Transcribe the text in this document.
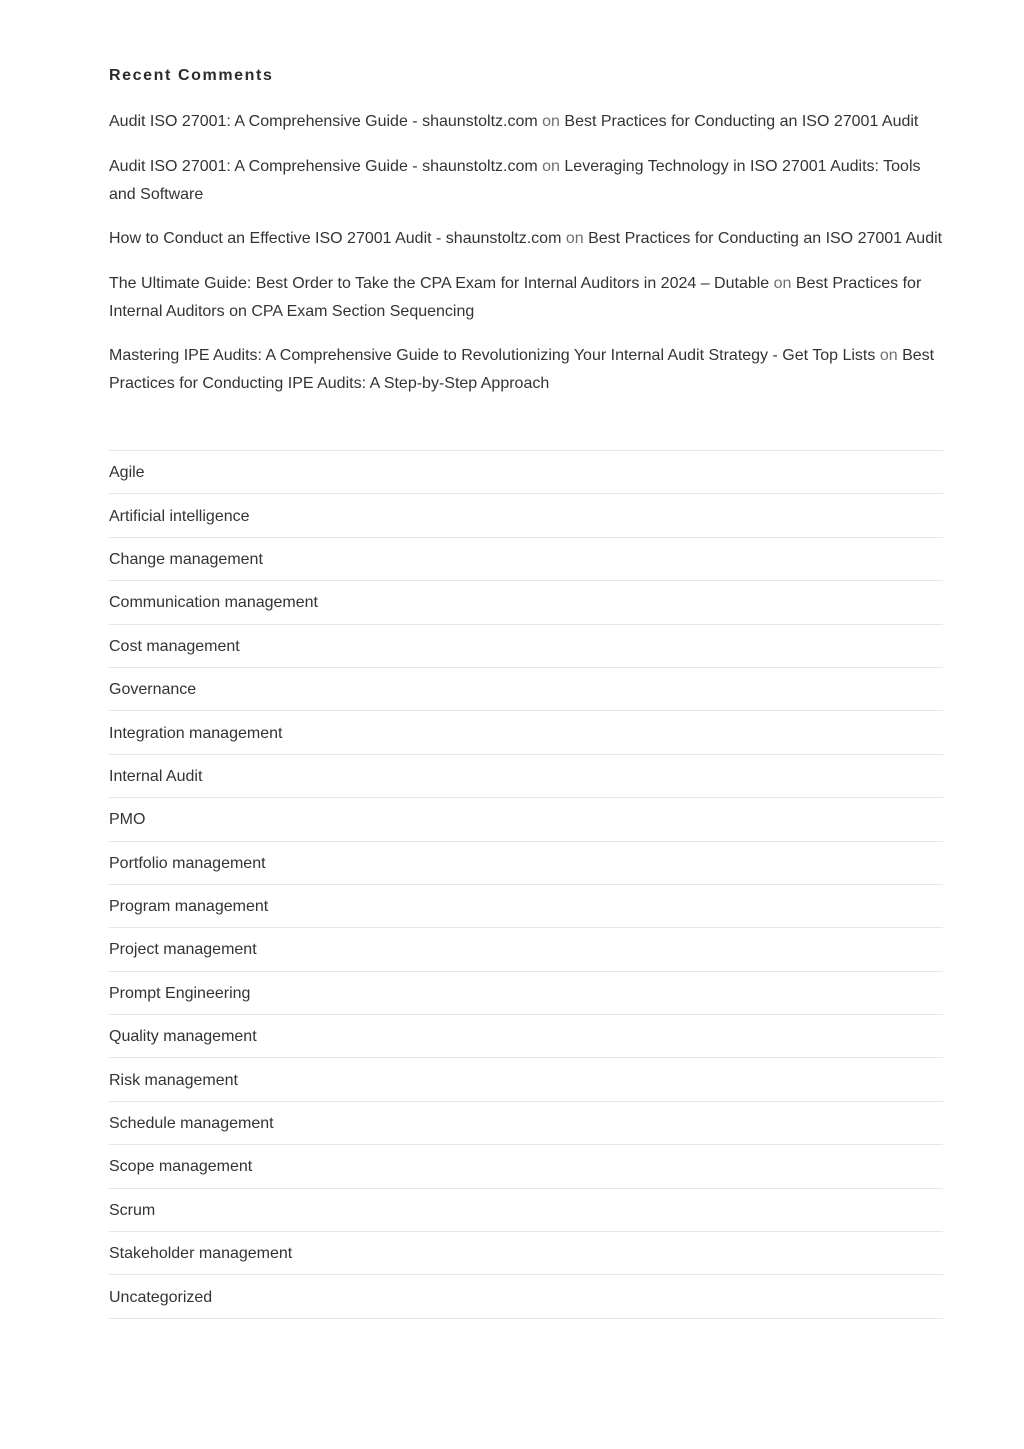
Recent Comments
Audit ISO 27001: A Comprehensive Guide - shaunstoltz.com on Best Practices for Conducting an ISO 27001 Audit
Audit ISO 27001: A Comprehensive Guide - shaunstoltz.com on Leveraging Technology in ISO 27001 Audits: Tools and Software
How to Conduct an Effective ISO 27001 Audit - shaunstoltz.com on Best Practices for Conducting an ISO 27001 Audit
The Ultimate Guide: Best Order to Take the CPA Exam for Internal Auditors in 2024 – Dutable on Best Practices for Internal Auditors on CPA Exam Section Sequencing
Mastering IPE Audits: A Comprehensive Guide to Revolutionizing Your Internal Audit Strategy - Get Top Lists on Best Practices for Conducting IPE Audits: A Step-by-Step Approach
Agile
Artificial intelligence
Change management
Communication management
Cost management
Governance
Integration management
Internal Audit
PMO
Portfolio management
Program management
Project management
Prompt Engineering
Quality management
Risk management
Schedule management
Scope management
Scrum
Stakeholder management
Uncategorized
